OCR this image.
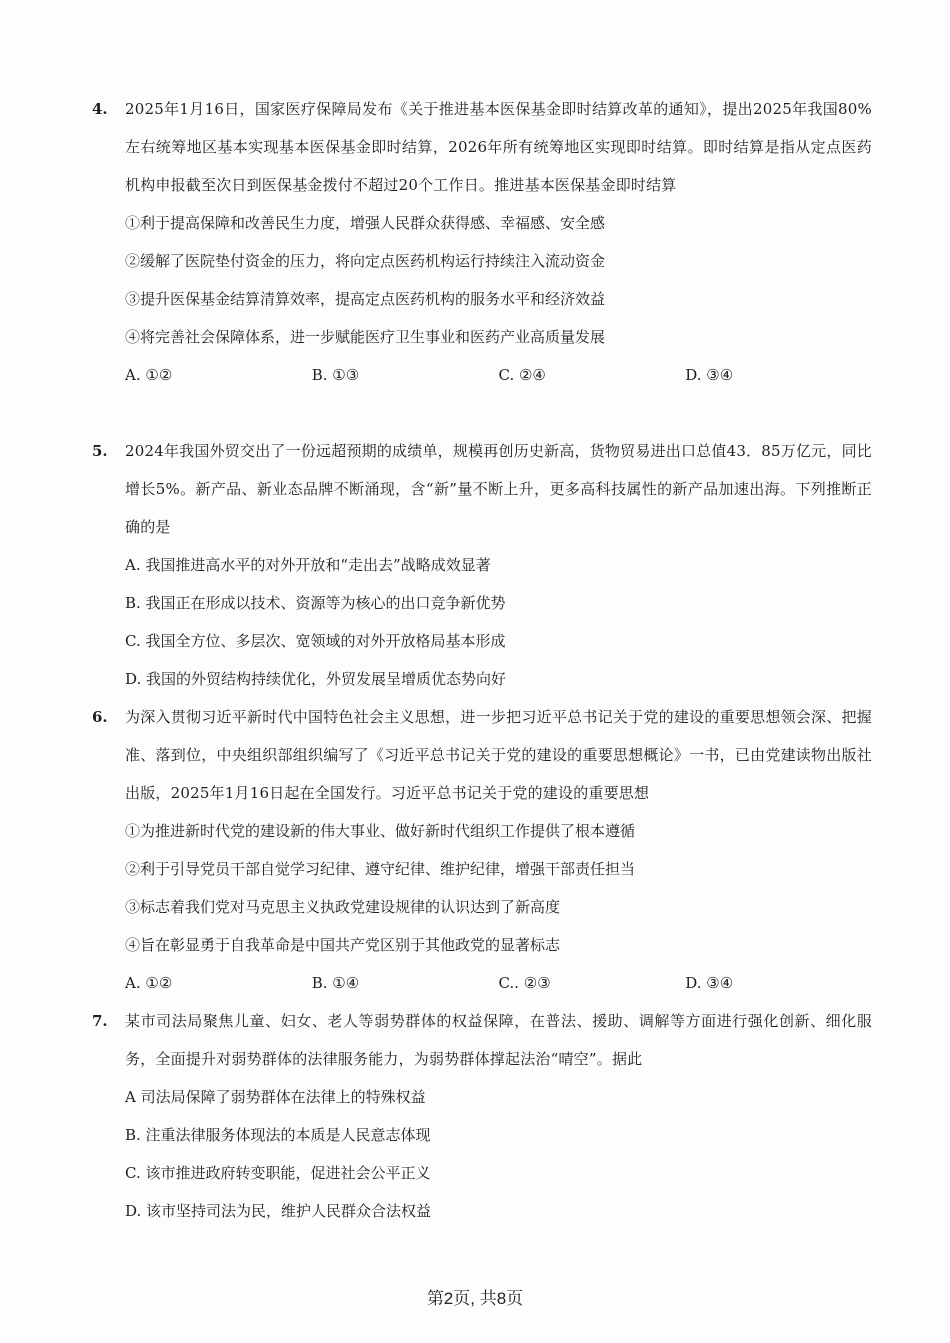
4. 2025年1月16日，国家医疗保障局发布《关于推进基本医保基金即时结算改革的通知》，提出2025年我国80%左右统筹地区基本实现基本医保基金即时结算，2026年所有统筹地区实现即时结算。即时结算是指从定点医药机构申报截至次日到医保基金拨付不超过20个工作日。推进基本医保基金即时结算
①利于提高保障和改善民生力度，增强人民群众获得感、幸福感、安全感
②缓解了医院垫付资金的压力，将向定点医药机构运行持续注入流动资金
③提升医保基金结算清算效率，提高定点医药机构的服务水平和经济效益
④将完善社会保障体系，进一步赋能医疗卫生事业和医药产业高质量发展
A. ①②	B. ①③	C. ②④	D. ③④
5. 2024年我国外贸交出了一份远超预期的成绩单，规模再创历史新高，货物贸易进出口总值43．85万亿元，同比增长5%。新产品、新业态品牌不断涌现，含“新”量不断上升，更多高科技属性的新产品加速出海。下列推断正确的是
A. 我国推进高水平的对外开放和“走出去”战略成效显著
B. 我国正在形成以技术、资源等为核心的出口竞争新优势
C. 我国全方位、多层次、宽领域的对外开放格局基本形成
D. 我国的外贸结构持续优化，外贸发展呈增质优态势向好
6. 为深入贯彻习近平新时代中国特色社会主义思想，进一步把习近平总书记关于党的建设的重要思想领会深、把握准、落到位，中央组织部组织编写了《习近平总书记关于党的建设的重要思想概论》一书，已由党建读物出版社出版，2025年1月16日起在全国发行。习近平总书记关于党的建设的重要思想
①为推进新时代党的建设新的伟大事业、做好新时代组织工作提供了根本遵循
②利于引导党员干部自觉学习纪律、遵守纪律、维护纪律，增强干部责任担当
③标志着我们党对马克思主义执政党建设规律的认识达到了新高度
④旨在彰显勇于自我革命是中国共产党区别于其他政党的显著标志
A. ①②	B. ①④	C.. ②③	D. ③④
7. 某市司法局聚焦儿童、妇女、老人等弱势群体的权益保障，在普法、援助、调解等方面进行强化创新、细化服务，全面提升对弱势群体的法律服务能力，为弱势群体撑起法治“晴空”。据此
A 司法局保障了弱势群体在法律上的特殊权益
B. 注重法律服务体现法的本质是人民意志体现
C. 该市推进政府转变职能，促进社会公平正义
D. 该市坚持司法为民，维护人民群众合法权益
第2页, 共8页
